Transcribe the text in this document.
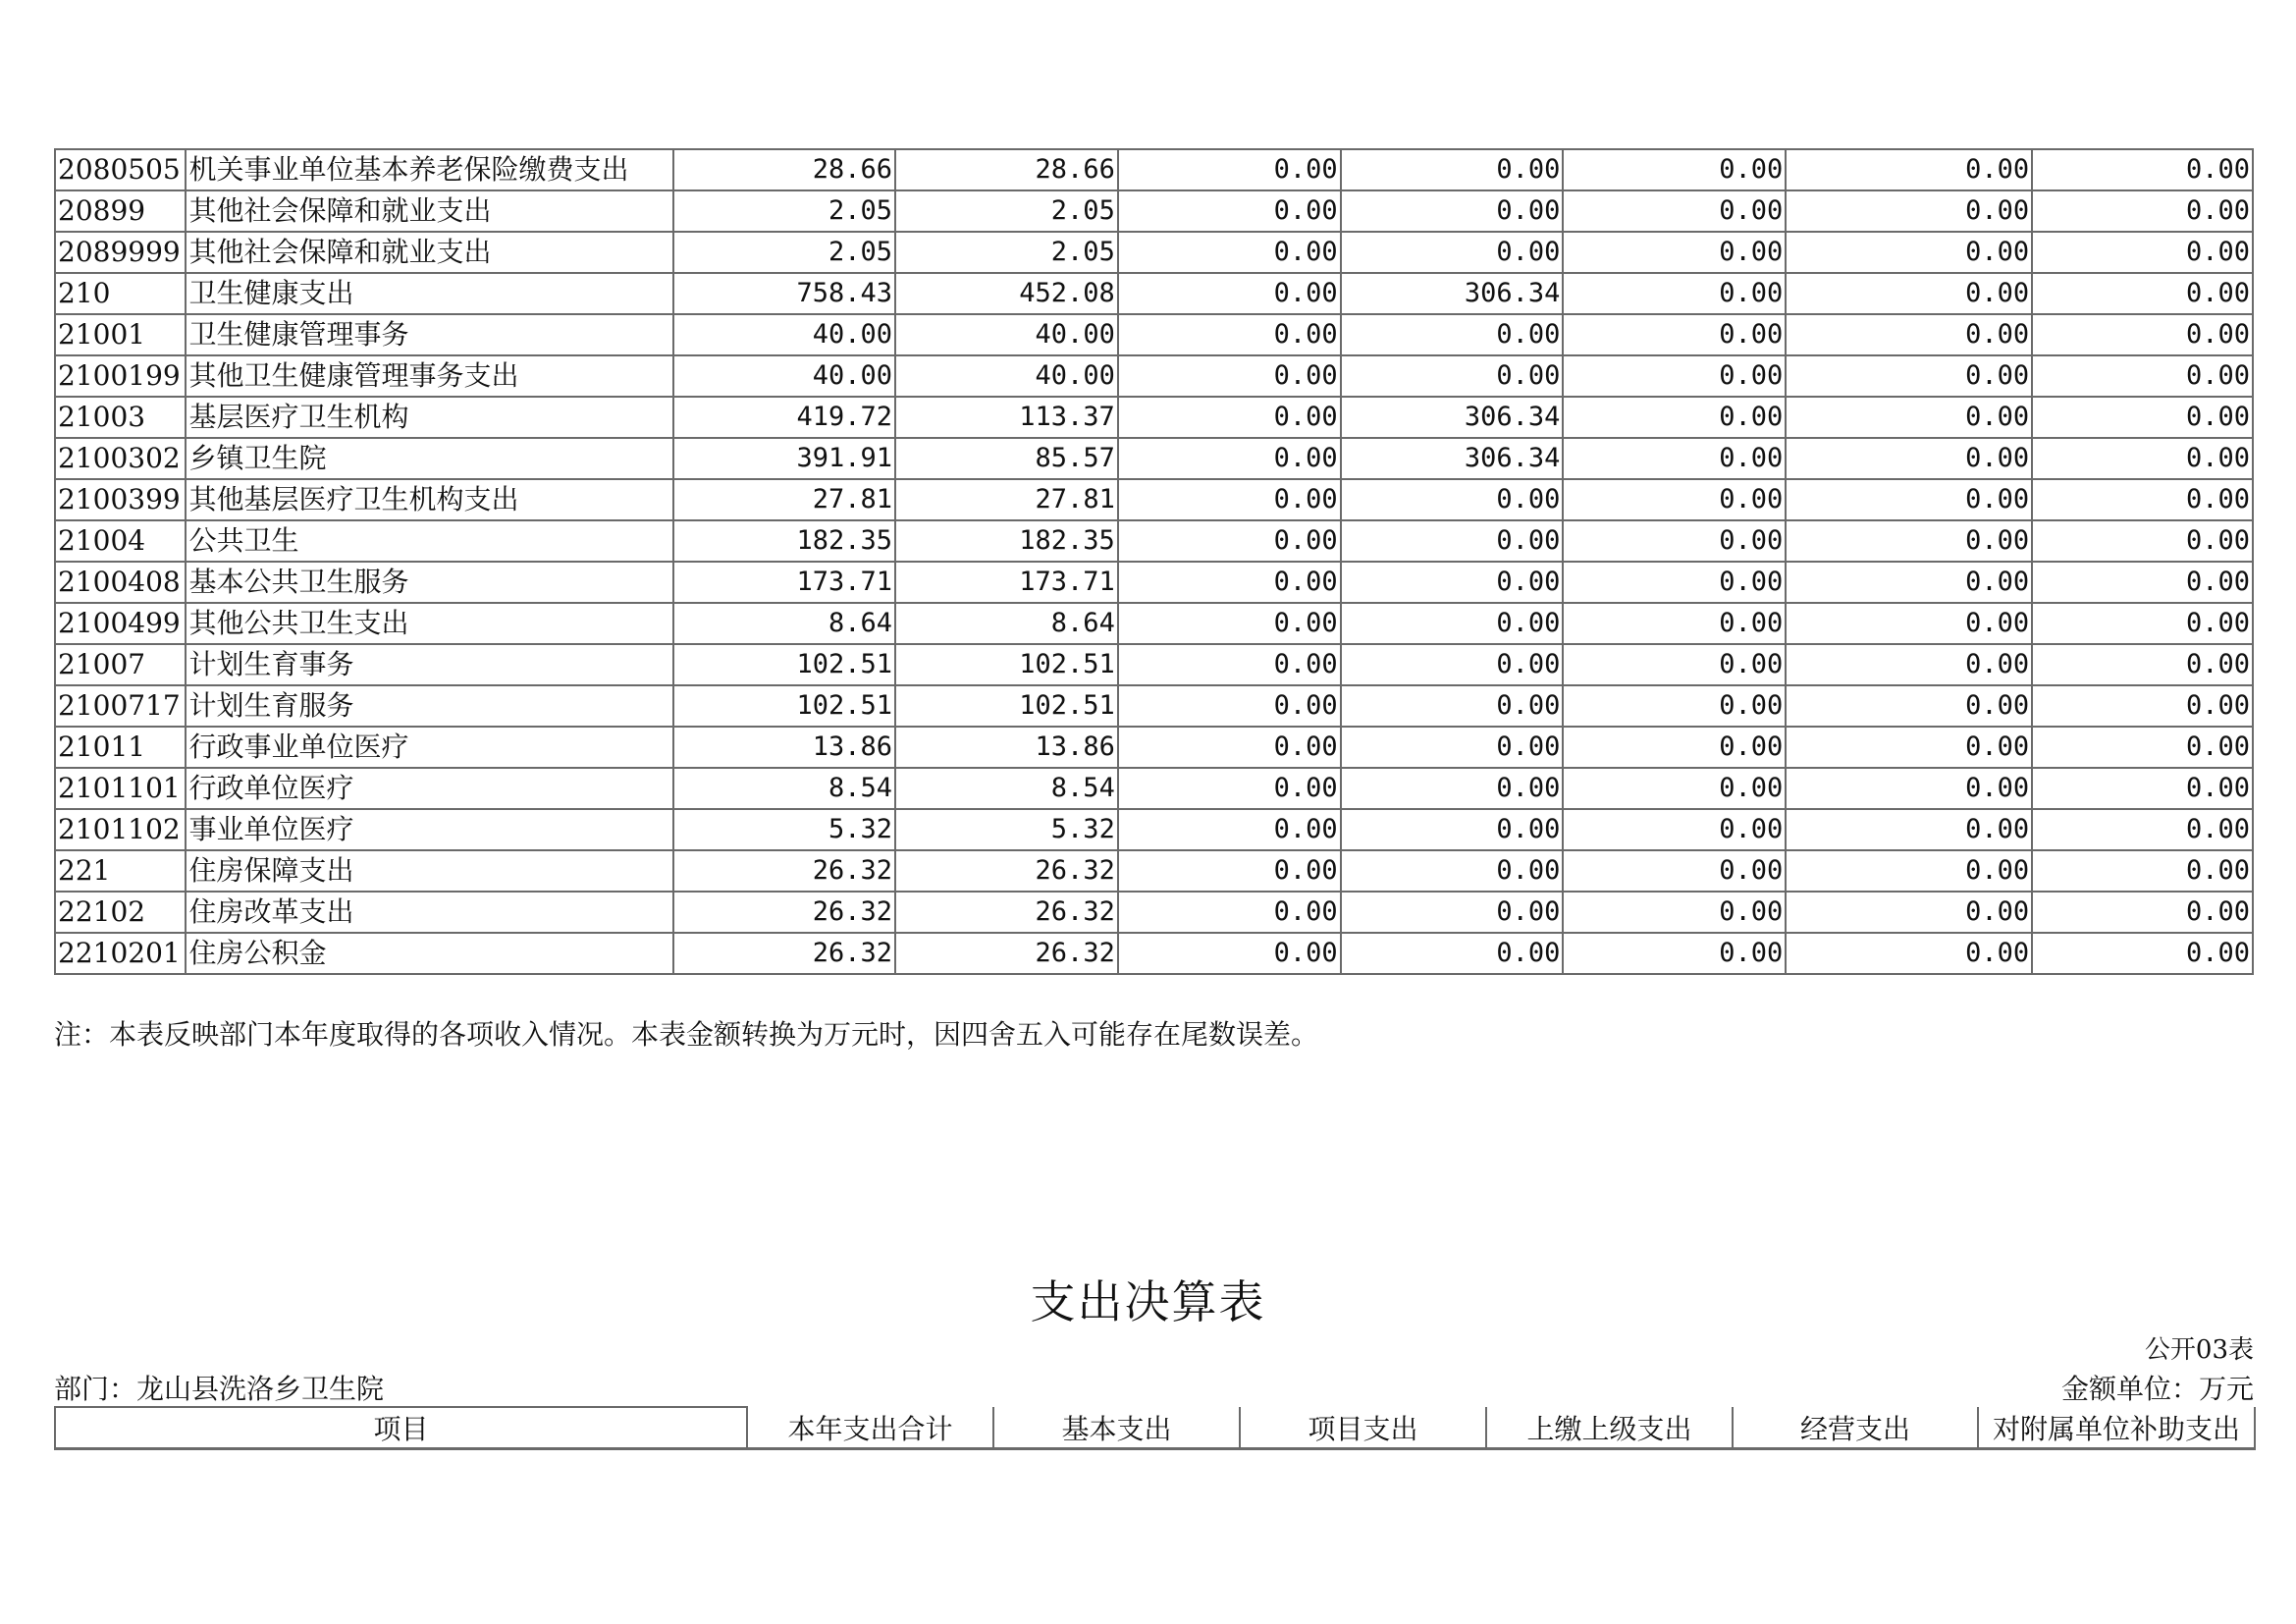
2080505	机关事业单位基本养老保险缴费支出	28.66	28.66	0.00	0.00	0.00	0.00	0.00
20899	其他社会保障和就业支出	2.05	2.05	0.00	0.00	0.00	0.00	0.00
2089999	其他社会保障和就业支出	2.05	2.05	0.00	0.00	0.00	0.00	0.00
210	卫生健康支出	758.43	452.08	0.00	306.34	0.00	0.00	0.00
21001	卫生健康管理事务	40.00	40.00	0.00	0.00	0.00	0.00	0.00
2100199	其他卫生健康管理事务支出	40.00	40.00	0.00	0.00	0.00	0.00	0.00
21003	基层医疗卫生机构	419.72	113.37	0.00	306.34	0.00	0.00	0.00
2100302	乡镇卫生院	391.91	85.57	0.00	306.34	0.00	0.00	0.00
2100399	其他基层医疗卫生机构支出	27.81	27.81	0.00	0.00	0.00	0.00	0.00
21004	公共卫生	182.35	182.35	0.00	0.00	0.00	0.00	0.00
2100408	基本公共卫生服务	173.71	173.71	0.00	0.00	0.00	0.00	0.00
2100499	其他公共卫生支出	8.64	8.64	0.00	0.00	0.00	0.00	0.00
21007	计划生育事务	102.51	102.51	0.00	0.00	0.00	0.00	0.00
2100717	计划生育服务	102.51	102.51	0.00	0.00	0.00	0.00	0.00
21011	行政事业单位医疗	13.86	13.86	0.00	0.00	0.00	0.00	0.00
2101101	行政单位医疗	8.54	8.54	0.00	0.00	0.00	0.00	0.00
2101102	事业单位医疗	5.32	5.32	0.00	0.00	0.00	0.00	0.00
221	住房保障支出	26.32	26.32	0.00	0.00	0.00	0.00	0.00
22102	住房改革支出	26.32	26.32	0.00	0.00	0.00	0.00	0.00
2210201	住房公积金	26.32	26.32	0.00	0.00	0.00	0.00	0.00
注：本表反映部门本年度取得的各项收入情况。本表金额转换为万元时，因四舍五入可能存在尾数误差。
支出决算表
公开03表
部门：龙山县洗洛乡卫生院	金额单位：万元
项目	本年支出合计	基本支出	项目支出	上缴上级支出	经营支出	对附属单位补助支出
